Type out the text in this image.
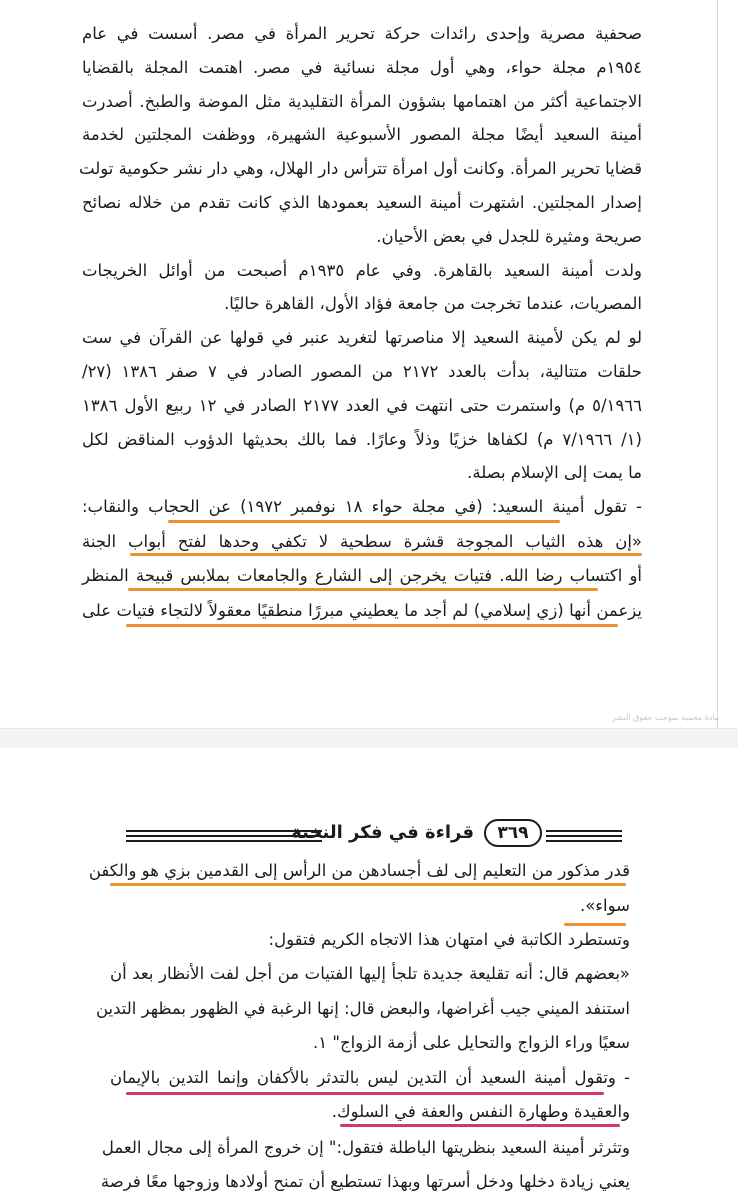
صحفية مصرية وإحدى رائدات حركة تحرير المرأة في مصر. أسست في عام
١٩٥٤م مجلة حواء، وهي أول مجلة نسائية في مصر. اهتمت المجلة بالقضايا
الاجتماعية أكثر من اهتمامها بشؤون المرأة التقليدية مثل الموضة والطبخ. أصدرت
أمينة السعيد أيضًا مجلة المصور الأسبوعية الشهيرة، ووظفت المجلتين لخدمة
قضايا تحرير المرأة. وكانت أول امرأة تترأس دار الهلال، وهي دار نشر حكومية تولت
إصدار المجلتين. اشتهرت أمينة السعيد بعمودها الذي كانت تقدم من خلاله نصائح
صريحة ومثيرة للجدل في بعض الأحيان.
ولدت أمينة السعيد بالقاهرة. وفي عام ١٩٣٥م أصبحت من أوائل الخريجات
المصريات، عندما تخرجت من جامعة فؤاد الأول، القاهرة حاليًا.
لو لم يكن لأمينة السعيد إلا مناصرتها لتغريد عنبر في قولها عن القرآن في ست
حلقات متتالية، بدأت بالعدد ٢١٧٢ من المصور الصادر في ٧ صفر ١٣٨٦ (٢٧/
٥/١٩٦٦ م) واستمرت حتى انتهت في العدد ٢١٧٧ الصادر في ١٢ ربيع الأول ١٣٨٦
(١/ ٧/١٩٦٦ م) لكفاها خزيًا وذلاً وعارًا. فما بالك بحديثها الدؤوب المناقض لكل
ما يمت إلى الإسلام بصلة.
- تقول أمينة السعيد: (في مجلة حواء ١٨ نوفمبر ١٩٧٢) عن الحجاب والنقاب:
«إن هذه الثياب المجوجة قشرة سطحية لا تكفي وحدها لفتح أبواب الجنة
أو اكتساب رضا الله. فتيات يخرجن إلى الشارع والجامعات بملابس قبيحة المنظر
يزعمن أنها (زي إسلامي) لم أجد ما يعطيني مبررًا منطقيًا معقولاً لالتجاء فتيات على
مادة محمية بموجب حقوق النشر
قراءة في فكر النخبة	٣٦٩
قدر مذكور من التعليم إلى لف أجسادهن من الرأس إلى القدمين بزي هو والكفن
سواء».
وتستطرد الكاتبة في امتهان هذا الاتجاه الكريم فتقول:
«بعضهم قال: أنه تقليعة جديدة تلجأ إليها الفتيات من أجل لفت الأنظار بعد أن
استنفد الميني جيب أغراضها، والبعض قال: إنها الرغبة في الظهور بمظهر التدين
سعيًا وراء الزواج والتحايل على أزمة الزواج" ١.
- وتقول أمينة السعيد أن التدين ليس بالتدثر بالأكفان وإنما التدين بالإيمان
والعقيدة وطهارة النفس والعفة في السلوك.
وتثرثر أمينة السعيد بنظريتها الباطلة فتقول:" إن خروج المرأة إلى مجال العمل
يعني زيادة دخلها ودخل أسرتها وبهذا تستطيع أن تمنح أولادها وزوجها معًا فرصة
